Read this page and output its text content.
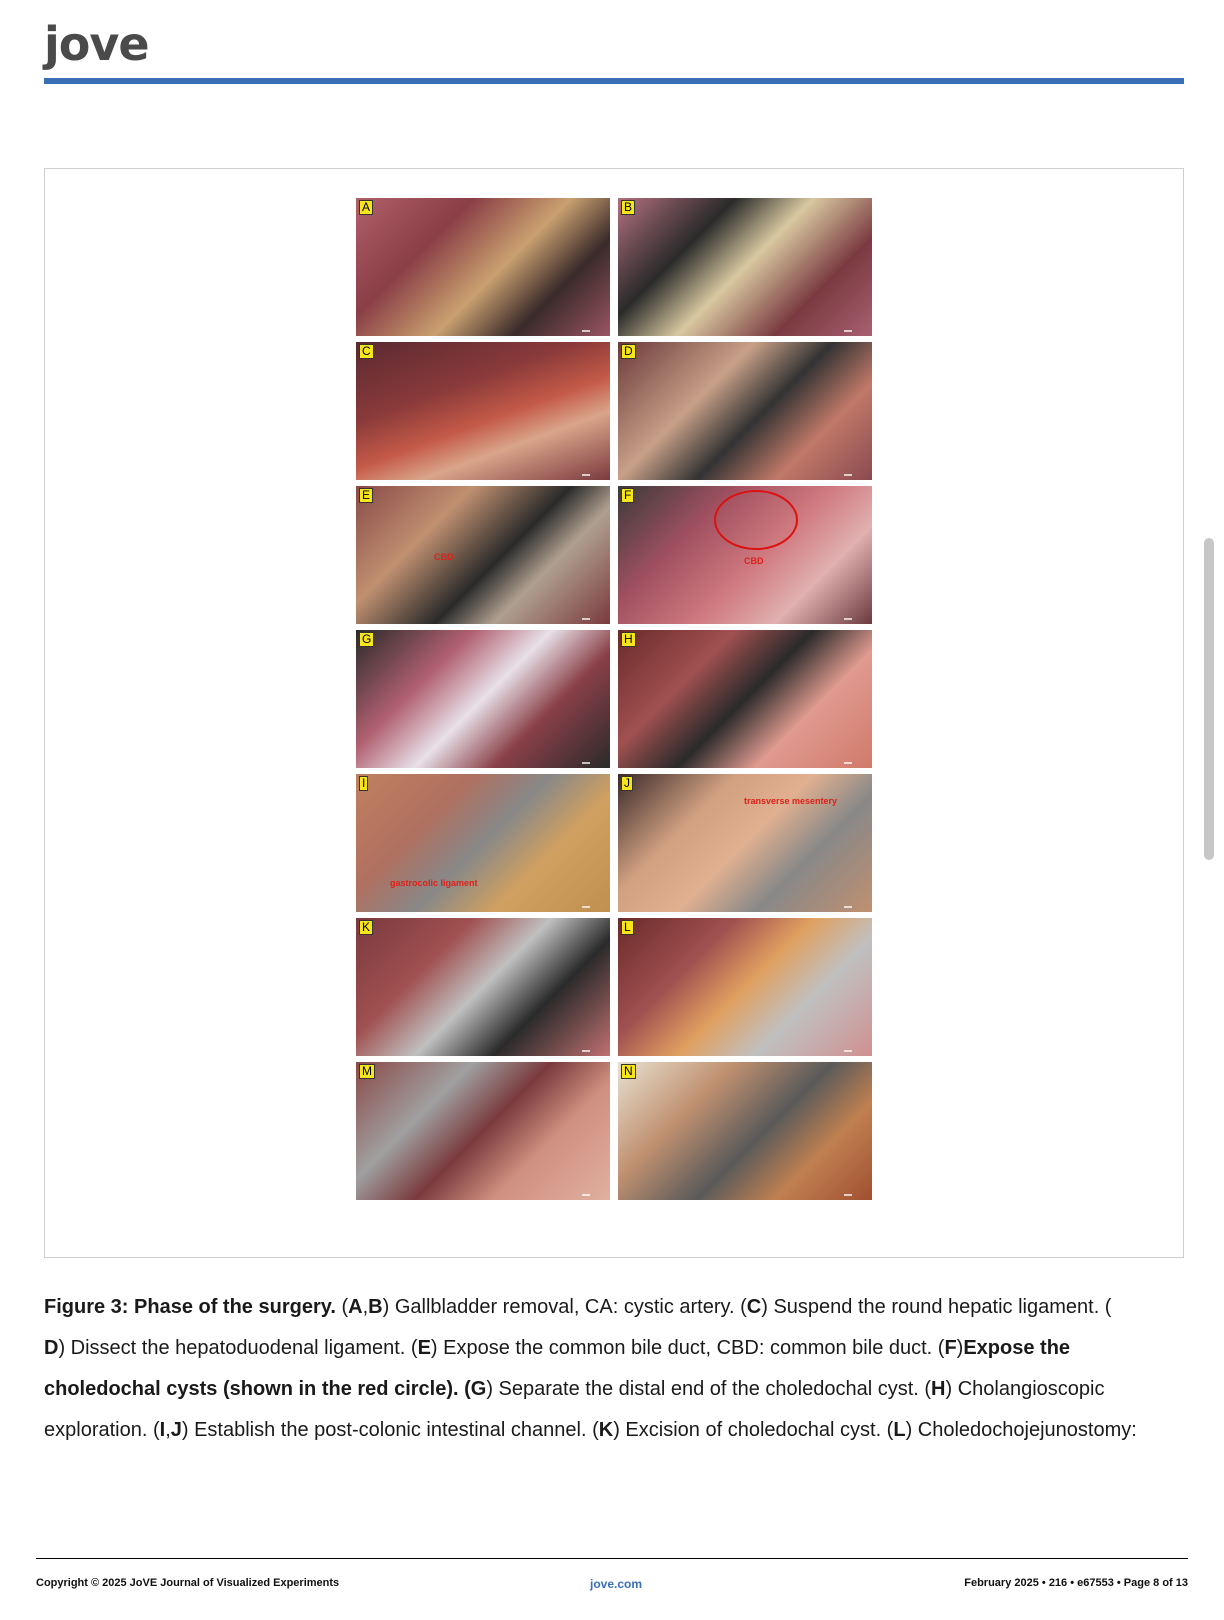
jove
A	B
C	D
E
CBD
F
CBD
G	H
I
gastrocolic ligament
J
transverse mesentery
K	L
M	N
Figure 3: Phase of the surgery. (A,B) Gallbladder removal, CA: cystic artery. (C) Suspend the round hepatic ligament. (
D) Dissect the hepatoduodenal ligament. (E) Expose the common bile duct, CBD: common bile duct. (F)Expose the choledochal cysts (shown in the red circle). (G) Separate the distal end of the choledochal cyst. (H) Cholangioscopic exploration. (I,J) Establish the post-colonic intestinal channel. (K) Excision of choledochal cyst. (L) Choledochojejunostomy:
Copyright © 2025 JoVE Journal of Visualized Experiments	jove.com	February 2025 • 216 • e67553 • Page 8 of 13
